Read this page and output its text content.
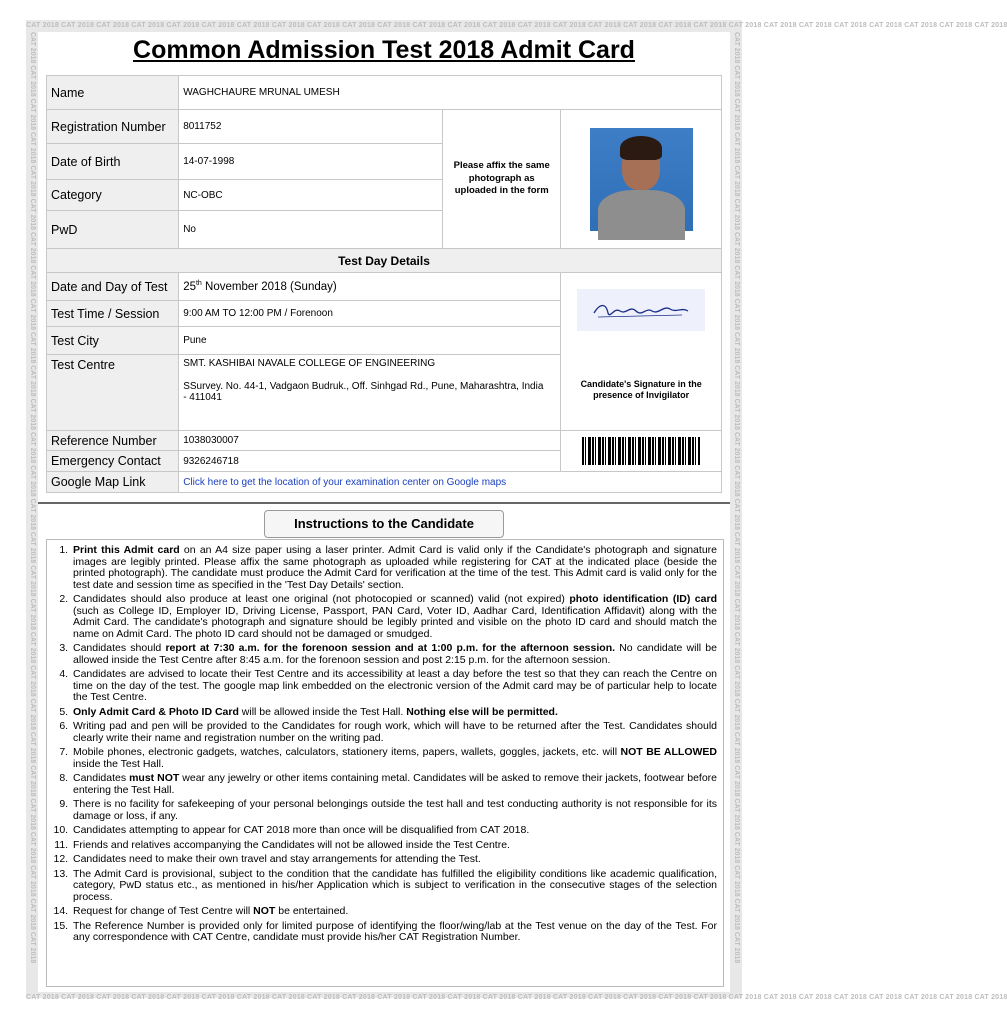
CAT 2018 CAT 2018 CAT 2018 CAT 2018 CAT 2018 CAT 2018 CAT 2018 CAT 2018 CAT 2018 CAT 2018 CAT 2018 CAT 2018 CAT 2018 CAT 2018 CAT 2018 CAT 2018 CAT 2018 CAT 2018 CAT 2018 CAT 2018 CAT 2018 CAT 2018 CAT 2018 CAT 2018 CAT 2018 CAT 2018 CAT 2018 CAT 2018
CAT 2018 CAT 2018 CAT 2018 CAT 2018 CAT 2018 CAT 2018 CAT 2018 CAT 2018 CAT 2018 CAT 2018 CAT 2018 CAT 2018 CAT 2018 CAT 2018 CAT 2018 CAT 2018 CAT 2018 CAT 2018 CAT 2018 CAT 2018 CAT 2018 CAT 2018 CAT 2018 CAT 2018 CAT 2018 CAT 2018 CAT 2018 CAT 2018
CAT 2018 CAT 2018 CAT 2018 CAT 2018 CAT 2018 CAT 2018 CAT 2018 CAT 2018 CAT 2018 CAT 2018 CAT 2018 CAT 2018 CAT 2018 CAT 2018 CAT 2018 CAT 2018 CAT 2018 CAT 2018 CAT 2018 CAT 2018 CAT 2018 CAT 2018 CAT 2018 CAT 2018 CAT 2018 CAT 2018 CAT 2018 CAT 2018	CAT 2018 CAT 2018 CAT 2018 CAT 2018 CAT 2018 CAT 2018 CAT 2018 CAT 2018 CAT 2018 CAT 2018 CAT 2018 CAT 2018 CAT 2018 CAT 2018 CAT 2018 CAT 2018 CAT 2018 CAT 2018 CAT 2018 CAT 2018 CAT 2018 CAT 2018 CAT 2018 CAT 2018 CAT 2018 CAT 2018 CAT 2018 CAT 2018
Common Admission Test 2018 Admit Card
Name	WAGHCHAURE MRUNAL UMESH		
Registration Number	8011752	Please affix the same photograph as uploaded in the form	

Date of Birth	14-07-1998		
Category	NC-OBC		
PwD	No		
Test Day Details			
Date and Day of Test	25th November 2018 (Sunday)		Candidate's Signature in the presence of Invigilator

Test Time / Session	9:00 AM TO 12:00 PM / Forenoon		
Test City	Pune		
Test Centre	SMT. KASHIBAI NAVALE COLLEGE OF ENGINEERING
SSurvey. No. 44-1, Vadgaon Budruk., Off. Sinhgad Rd., Pune, Maharashtra, India - 411041		

Reference Number	1038030007		

Emergency Contact	9326246718		
Google Map Link	Click here to get the location of your examination center on Google maps		
Instructions to the Candidate
1. Print this Admit card on an A4 size paper using a laser printer. Admit Card is valid only if the Candidate's photograph and signature images are legibly printed. Please affix the same photograph as uploaded while registering for CAT at the indicated place (beside the printed photograph). The candidate must produce the Admit Card for verification at the time of the test. This Admit card is valid only for the test date and session time as specified in the 'Test Day Details' section.
2. Candidates should also produce at least one original (not photocopied or scanned) valid (not expired) photo identification (ID) card (such as College ID, Employer ID, Driving License, Passport, PAN Card, Voter ID, Aadhar Card, Identification Affidavit) along with the Admit Card. The candidate's photograph and signature should be legibly printed and visible on the photo ID card and should match the name on Admit Card. The photo ID card should not be damaged or smudged.
3. Candidates should report at 7:30 a.m. for the forenoon session and at 1:00 p.m. for the afternoon session. No candidate will be allowed inside the Test Centre after 8:45 a.m. for the forenoon session and post 2:15 p.m. for the afternoon session.
4. Candidates are advised to locate their Test Centre and its accessibility at least a day before the test so that they can reach the Centre on time on the day of the test. The google map link embedded on the electronic version of the Admit card may be of particular help to locate the Test Centre.
5. Only Admit Card & Photo ID Card will be allowed inside the Test Hall. Nothing else will be permitted.
6. Writing pad and pen will be provided to the Candidates for rough work, which will have to be returned after the Test. Candidates should clearly write their name and registration number on the writing pad.
7. Mobile phones, electronic gadgets, watches, calculators, stationery items, papers, wallets, goggles, jackets, etc. will NOT BE ALLOWED inside the Test Hall.
8. Candidates must NOT wear any jewelry or other items containing metal. Candidates will be asked to remove their jackets, footwear before entering the Test Hall.
9. There is no facility for safekeeping of your personal belongings outside the test hall and test conducting authority is not responsible for its damage or loss, if any.
10. Candidates attempting to appear for CAT 2018 more than once will be disqualified from CAT 2018.
11. Friends and relatives accompanying the Candidates will not be allowed inside the Test Centre.
12. Candidates need to make their own travel and stay arrangements for attending the Test.
13. The Admit Card is provisional, subject to the condition that the candidate has fulfilled the eligibility conditions like academic qualification, category, PwD status etc., as mentioned in his/her Application which is subject to verification in the consecutive stages of the selection process.
14. Request for change of Test Centre will NOT be entertained.
15. The Reference Number is provided only for limited purpose of identifying the floor/wing/lab at the Test venue on the day of the Test. For any correspondence with CAT Centre, candidate must provide his/her CAT Registration Number.
